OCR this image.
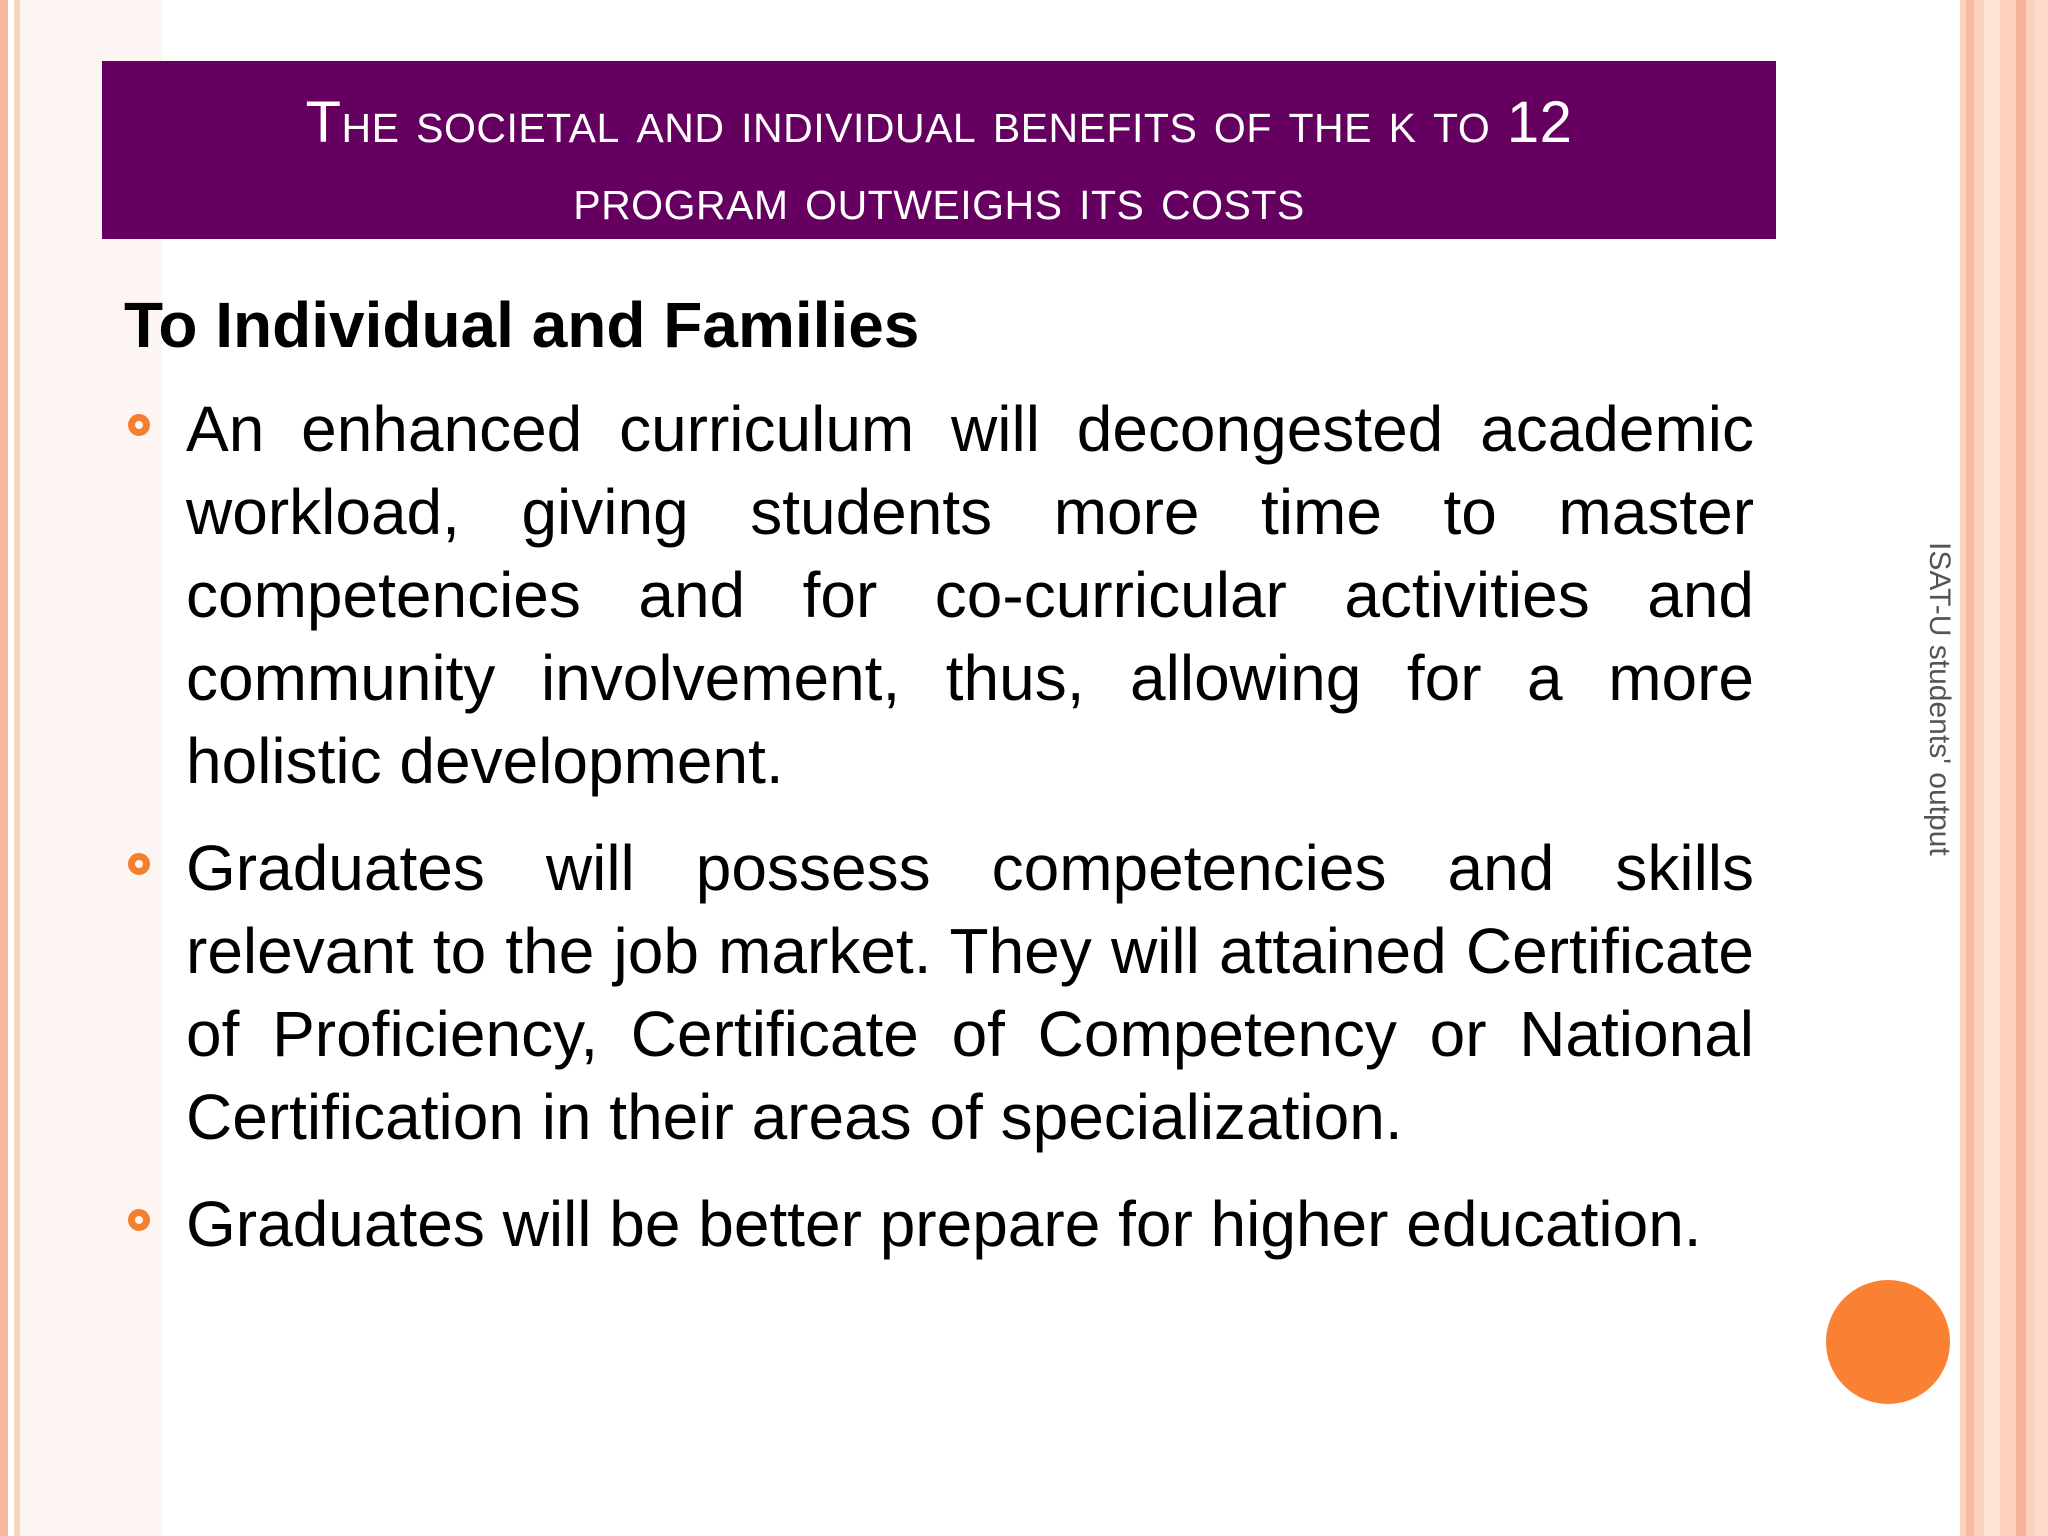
The societal and individual benefits of the k to 12
program outweighs its costs
To Individual and Families
An enhanced curriculum will decongested academic workload, giving students more time to master competencies and for co-curricular activities and community involvement, thus, allowing for a more holistic development.
Graduates will possess competencies and skills relevant to the job market. They will attained Certificate of Proficiency, Certificate of Competency or National Certification in their areas of specialization.
Graduates will be better prepare for higher education.
ISAT-U students' output
